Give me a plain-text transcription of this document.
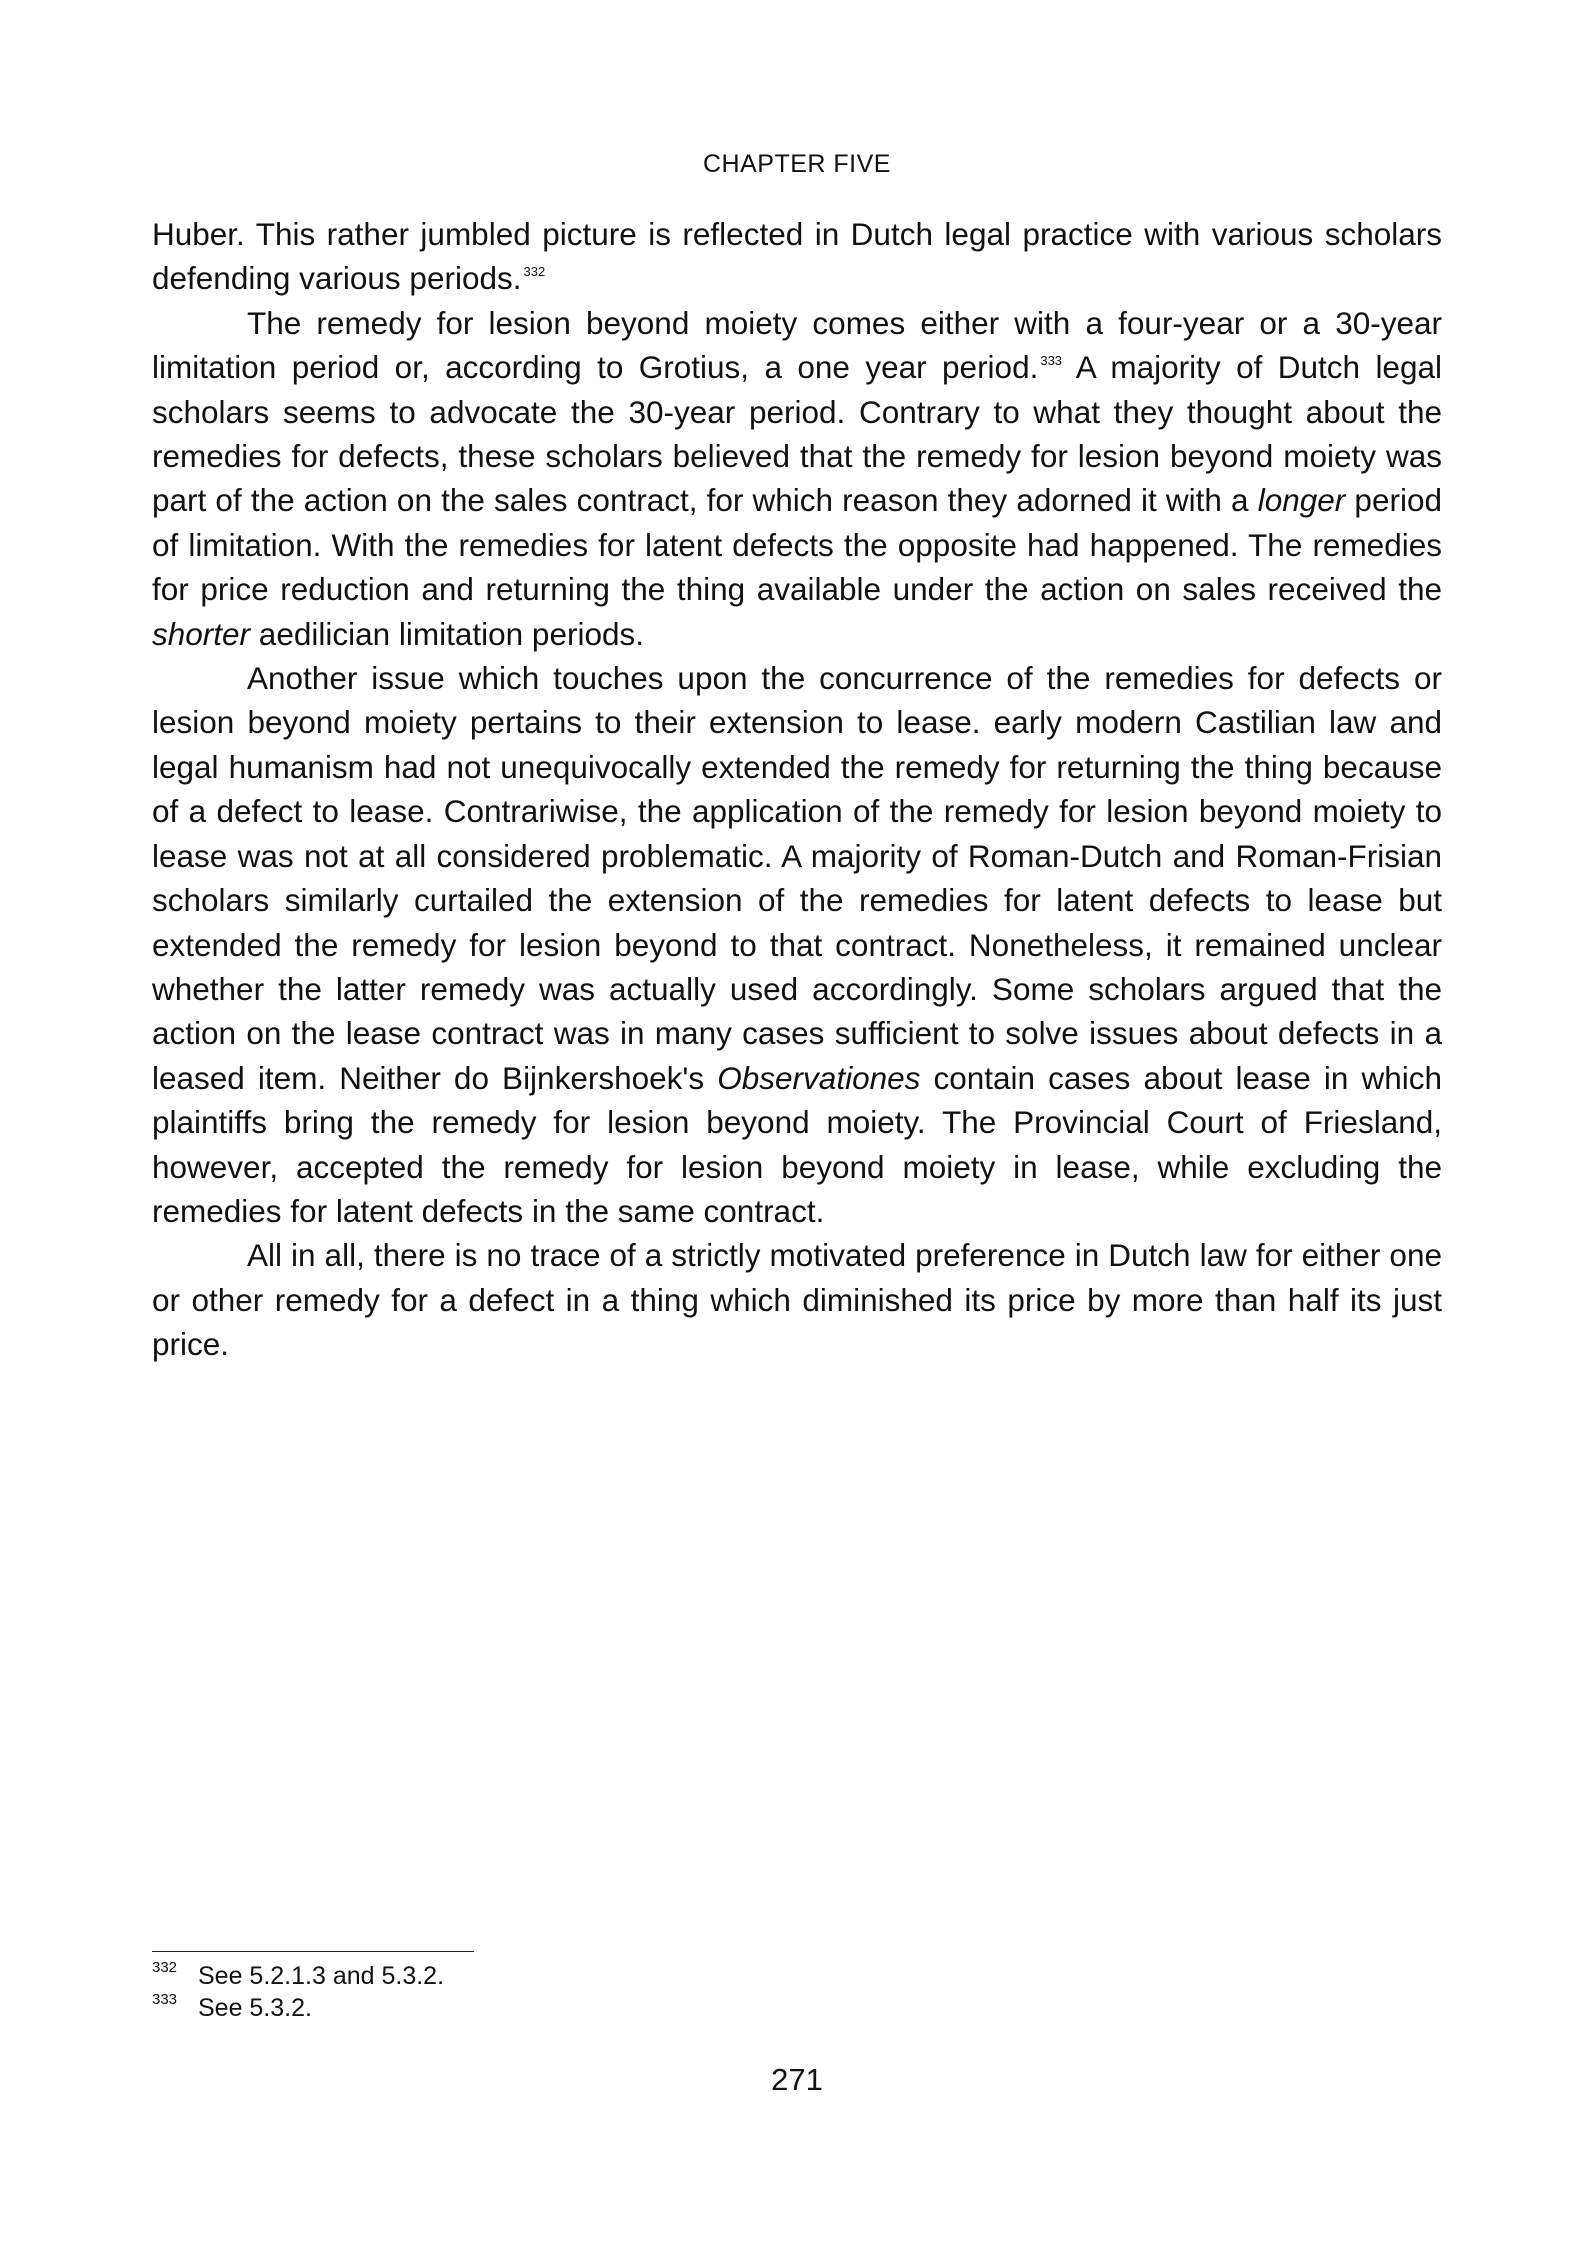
CHAPTER FIVE

Huber. This rather jumbled picture is reflected in Dutch legal practice with various scholars defending various periods. $^{332}$

The remedy for lesion beyond moiety comes either with a four-year or a 30-year limitation period or, according to Grotius, a one year period. $^{333}$ A majority of Dutch legal scholars seems to advocate the 30-year period. Contrary to what they thought about the remedies for defects, these scholars believed that the remedy for lesion beyond moiety was part of the action on the sales contract, for which reason they adorned it with a longer period of limitation. With the remedies for latent defects the opposite had happened. The remedies for price reduction and returning the thing available under the action on sales received the shorter aedilician limitation periods.

Another issue which touches upon the concurrence of the remedies for defects or lesion beyond moiety pertains to their extension to lease. early modern Castilian law and legal humanism had not unequivocally extended the remedy for returning the thing because of a defect to lease. Contrariwise, the application of the remedy for lesion beyond moiety to lease was not at all considered problematic. A majority of Roman-Dutch and Roman-Frisian scholars similarly curtailed the extension of the remedies for latent defects to lease but extended the remedy for lesion beyond to that contract. Nonetheless, it remained unclear whether the latter remedy was actually used accordingly. Some scholars argued that the action on the lease contract was in many cases sufficient to solve issues about defects in a leased item. Neither do Bijnkershoek's Observationes contain cases about lease in which plaintiffs bring the remedy for lesion beyond moiety. The Provincial Court of Friesland, however, accepted the remedy for lesion beyond moiety in lease, while excluding the remedies for latent defects in the same contract.

All in all, there is no trace of a strictly motivated preference in Dutch law for either one or other remedy for a defect in a thing which diminished its price by more than half its just price.

332 See 5.2.1.3 and 5.3.2.
333 See 5.3.2.
271
